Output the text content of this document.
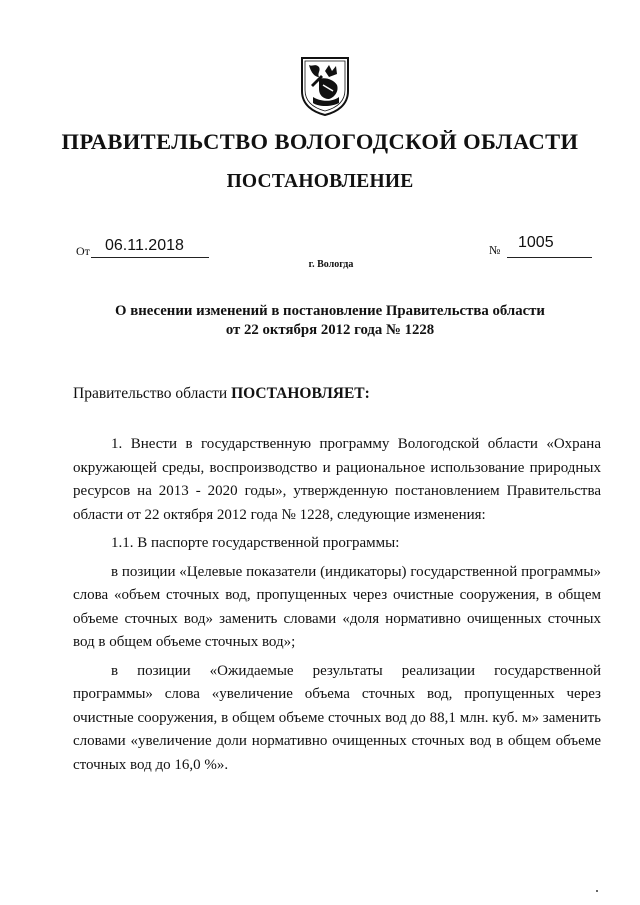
ПРАВИТЕЛЬСТВО ВОЛОГОДСКОЙ ОБЛАСТИ
ПОСТАНОВЛЕНИЕ
От 06.11.2018	№ 1005
г. Вологда
О внесении изменений в постановление Правительства области
от 22 октября 2012 года № 1228
Правительство области ПОСТАНОВЛЯЕТ:

1. Внести в государственную программу Вологодской области «Охрана окружающей среды, воспроизводство и рациональное использование природных ресурсов на 2013 - 2020 годы», утвержденную постановлением Правительства области от 22 октября 2012 года № 1228, следующие изменения:

1.1. В паспорте государственной программы:

в позиции «Целевые показатели (индикаторы) государственной программы» слова «объем сточных вод, пропущенных через очистные сооружения, в общем объеме сточных вод» заменить словами «доля нормативно очищенных сточных вод в общем объеме сточных вод»;

в позиции «Ожидаемые результаты реализации государственной программы» слова «увеличение объема сточных вод, пропущенных через очистные сооружения, в общем объеме сточных вод до 88,1 млн. куб. м» заменить словами «увеличение доли нормативно очищенных сточных вод в общем объеме сточных вод до 16,0 %».
